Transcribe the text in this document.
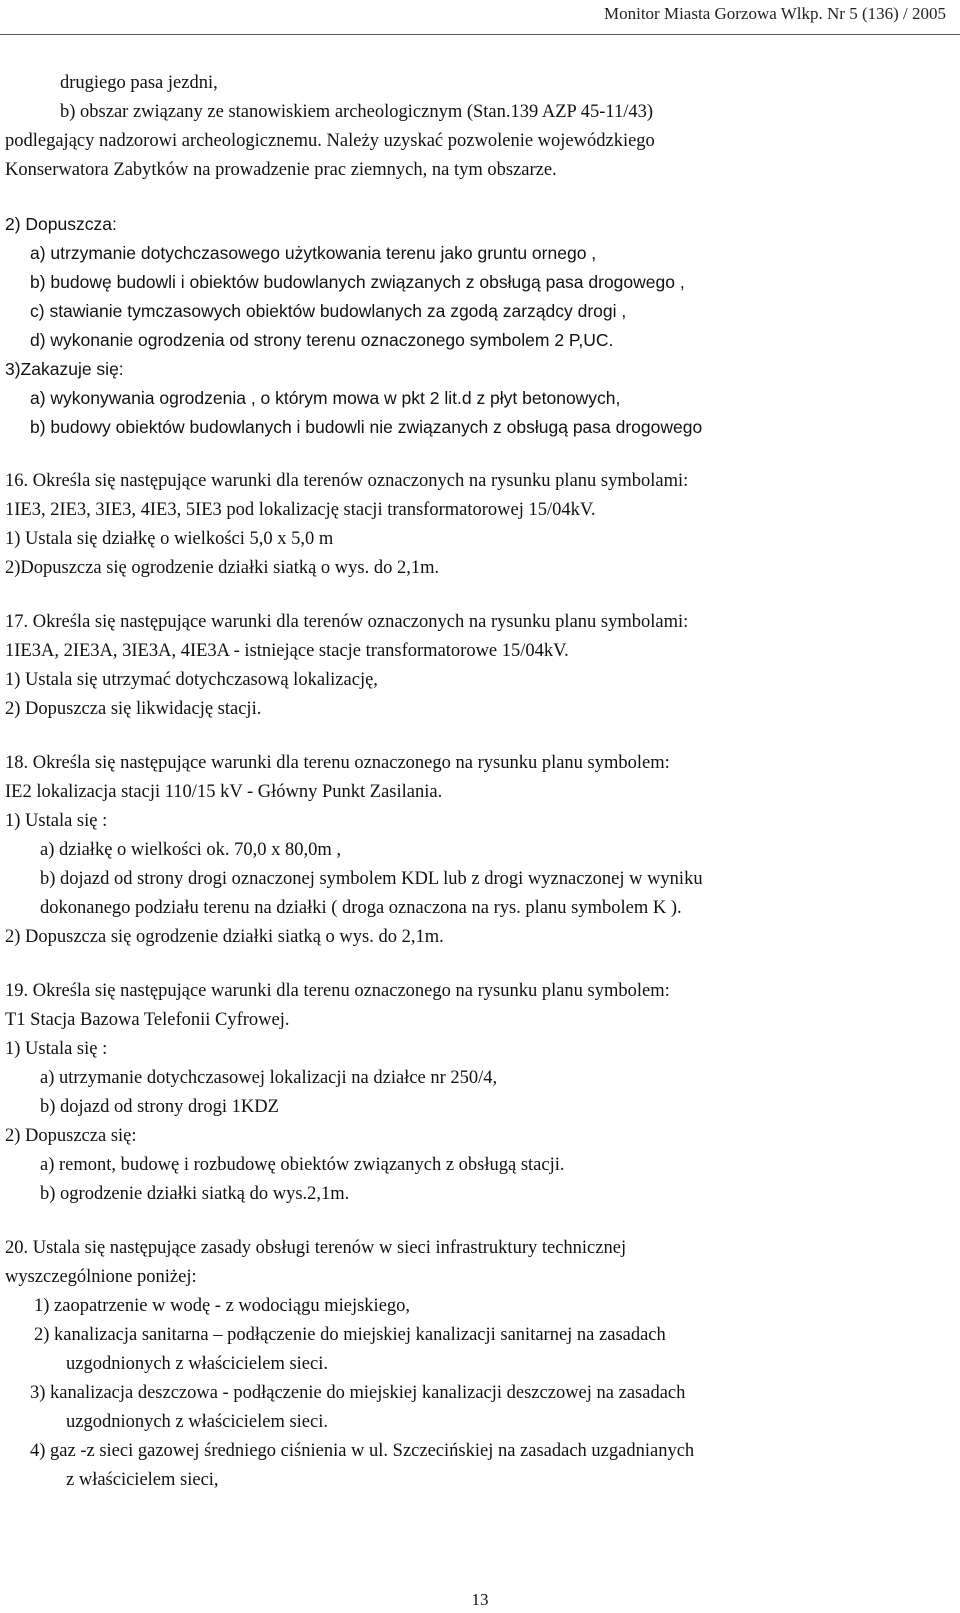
Monitor Miasta Gorzowa Wlkp. Nr 5 (136) / 2005
drugiego pasa jezdni,
b) obszar związany ze stanowiskiem archeologicznym (Stan.139 AZP 45-11/43)
podlegający nadzorowi archeologicznemu. Należy uzyskać pozwolenie wojewódzkiego
Konserwatora Zabytków na prowadzenie prac ziemnych, na tym obszarze.
2) Dopuszcza:
a) utrzymanie dotychczasowego użytkowania terenu jako gruntu ornego ,
b) budowę budowli i obiektów budowlanych związanych z obsługą pasa drogowego ,
c) stawianie tymczasowych obiektów budowlanych za zgodą zarządcy drogi ,
d) wykonanie ogrodzenia od strony terenu oznaczonego symbolem 2 P,UC.
3)Zakazuje się:
a) wykonywania ogrodzenia , o którym mowa w pkt 2 lit.d z płyt betonowych,
b) budowy obiektów budowlanych i budowli nie związanych z obsługą pasa drogowego
16. Określa się następujące warunki dla terenów oznaczonych na rysunku planu symbolami:
1IE3, 2IE3, 3IE3, 4IE3, 5IE3 pod lokalizację stacji transformatorowej 15/04kV.
1) Ustala się działkę o wielkości 5,0 x 5,0 m
2)Dopuszcza się ogrodzenie działki siatką o wys. do 2,1m.
17. Określa się następujące warunki dla terenów oznaczonych na rysunku planu symbolami:
1IE3A, 2IE3A, 3IE3A, 4IE3A - istniejące stacje transformatorowe 15/04kV.
1) Ustala się utrzymać dotychczasową lokalizację,
2) Dopuszcza się likwidację stacji.
18. Określa się następujące warunki dla terenu oznaczonego na rysunku planu symbolem:
IE2 lokalizacja stacji 110/15 kV - Główny Punkt Zasilania.
1) Ustala się :
a) działkę o wielkości ok. 70,0 x 80,0m ,
b) dojazd od strony drogi oznaczonej symbolem KDL lub z drogi wyznaczonej w wyniku
dokonanego podziału terenu na działki ( droga oznaczona na rys. planu symbolem K ).
2) Dopuszcza się ogrodzenie działki siatką o wys. do 2,1m.
19. Określa się następujące warunki dla terenu oznaczonego na rysunku planu symbolem:
T1 Stacja Bazowa Telefonii Cyfrowej.
1) Ustala się :
a) utrzymanie dotychczasowej lokalizacji na działce nr 250/4,
b) dojazd od strony drogi 1KDZ
2) Dopuszcza się:
a) remont, budowę i rozbudowę obiektów związanych z obsługą stacji.
b) ogrodzenie działki siatką do wys.2,1m.
20. Ustala się następujące zasady obsługi terenów w sieci infrastruktury technicznej
wyszczególnione poniżej:
1) zaopatrzenie w wodę - z wodociągu miejskiego,
2) kanalizacja sanitarna – podłączenie do miejskiej kanalizacji sanitarnej na zasadach
uzgodnionych z właścicielem sieci.
3) kanalizacja deszczowa - podłączenie do miejskiej kanalizacji deszczowej na zasadach
uzgodnionych z właścicielem sieci.
4) gaz -z sieci gazowej średniego ciśnienia w ul. Szczecińskiej na zasadach uzgadnianych
z właścicielem sieci,
13
